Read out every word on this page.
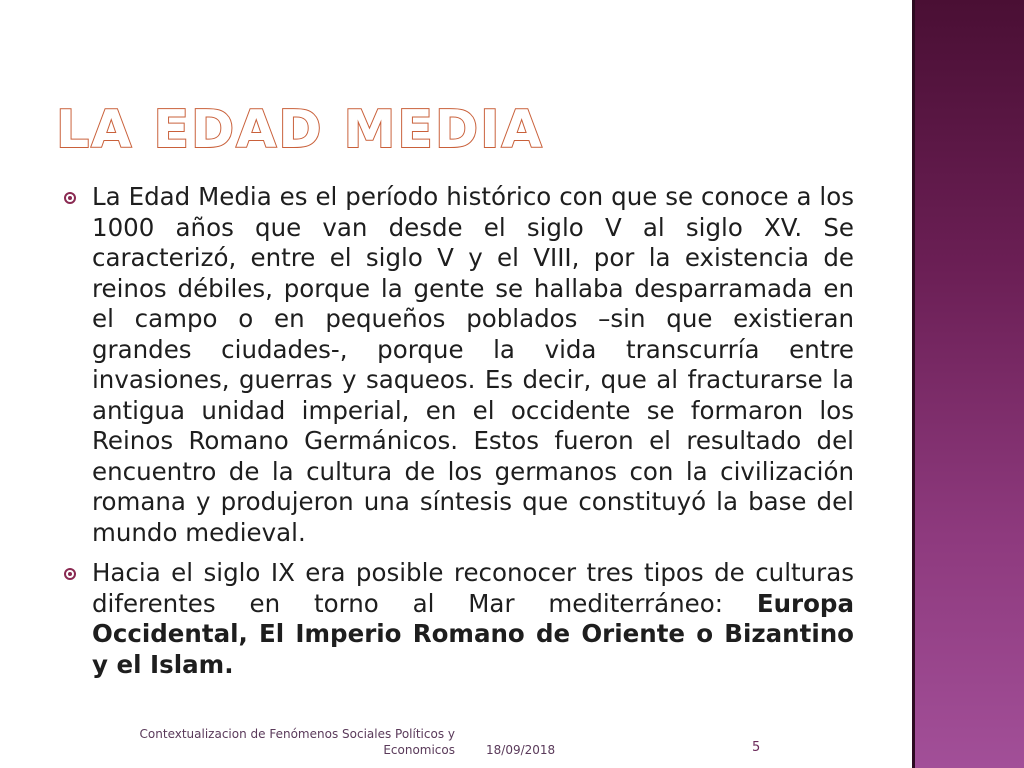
LA EDAD MEDIA
La Edad Media es el período histórico con que se conoce a los 1000 años que van desde el siglo V al siglo XV. Se caracterizó, entre el siglo V y el VIII, por la existencia de reinos débiles, porque la gente se hallaba desparramada en el campo o en pequeños poblados –sin que existieran grandes ciudades-, porque la vida transcurría entre invasiones, guerras y saqueos. Es decir, que al fracturarse la antigua unidad imperial, en el occidente se formaron los Reinos Romano Germánicos. Estos fueron el resultado del encuentro de la cultura de los germanos con la civilización romana y produjeron una síntesis que constituyó la base del mundo medieval.
Hacia el siglo IX era posible reconocer tres tipos de culturas diferentes en torno al Mar mediterráneo: Europa Occidental, El Imperio Romano de Oriente o Bizantino y el Islam.
Contextualizacion de Fenómenos Sociales Políticos y Economicos	18/09/2018	5
